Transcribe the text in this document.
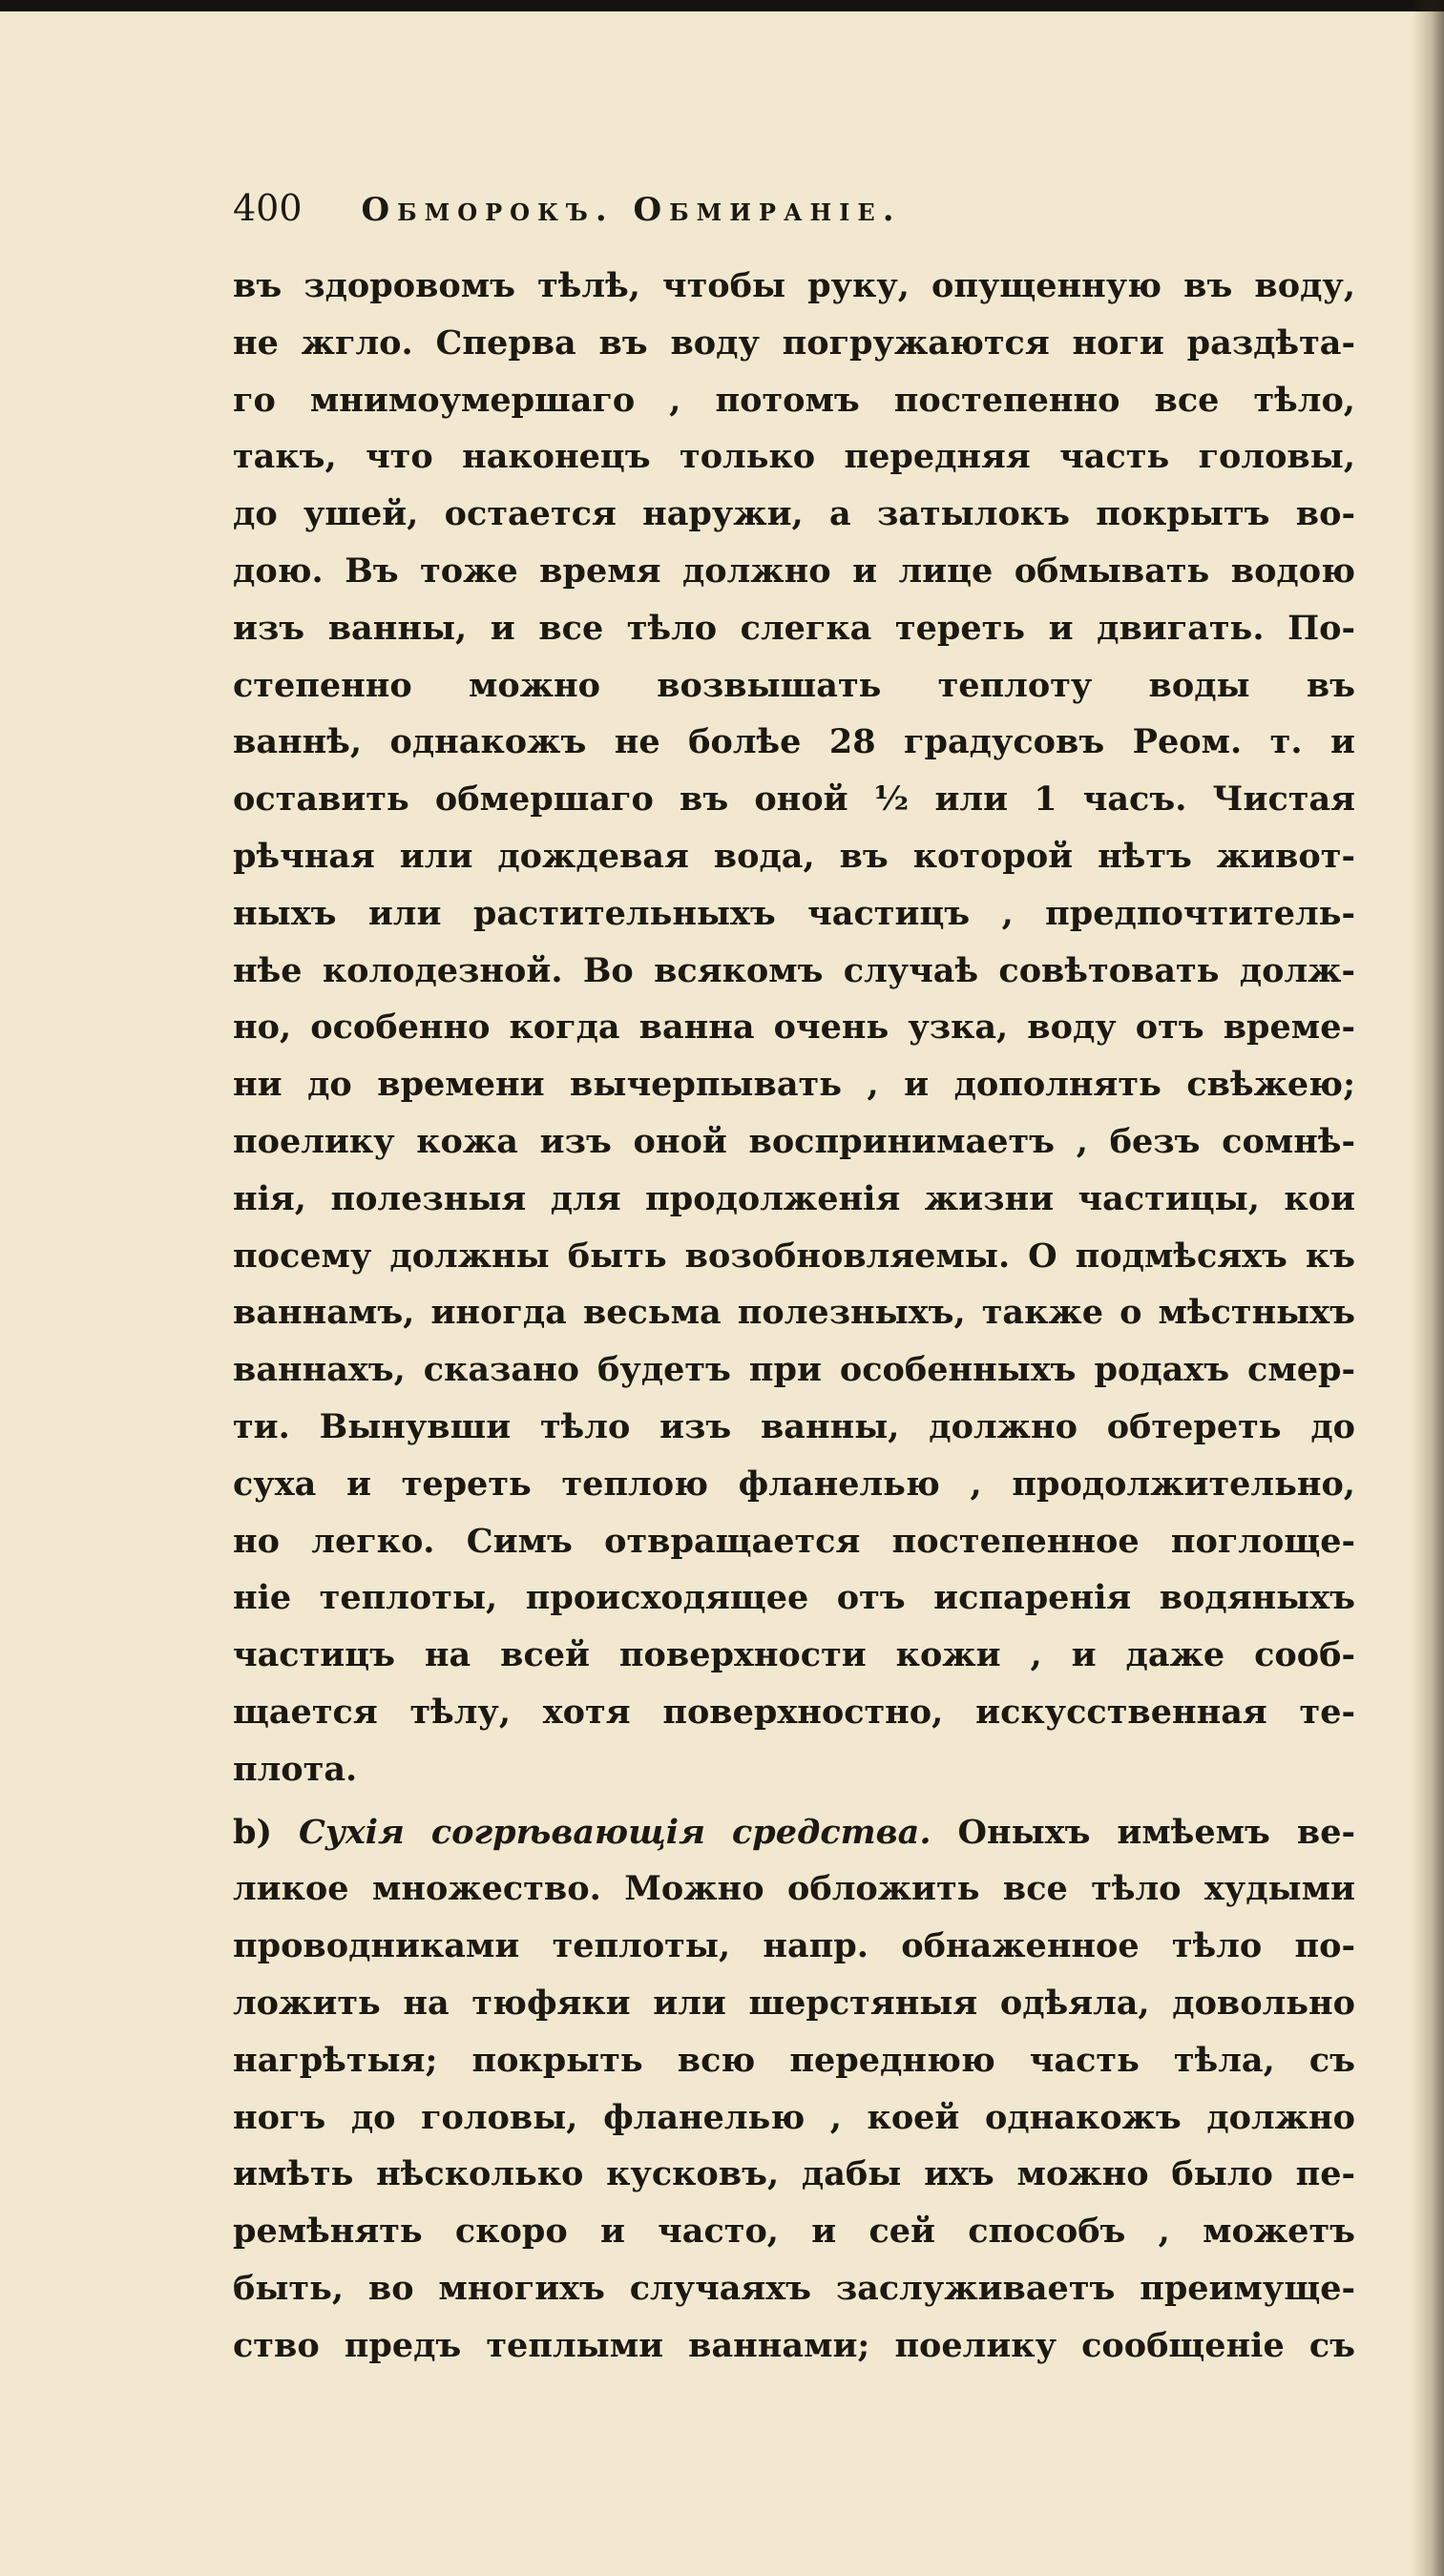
400 Обморокъ. Обмиранiе.
въ здоровомъ тѣлѣ, чтобы руку, опущенную въ воду,
не жгло. Сперва въ воду погружаются ноги раздѣта-
го мнимоумершаго , потомъ постепенно все тѣло,
такъ, что наконецъ только передняя часть головы,
до ушей, остается наружи, а затылокъ покрытъ во-
дою. Въ тоже время должно и лице обмывать водою
изъ ванны, и все тѣло слегка тереть и двигать. По-
степенно можно возвышать теплоту воды въ
ваннѣ, однакожъ не болѣе 28 градусовъ Реом. т. и
оставить обмершаго въ оной ½ или 1 часъ. Чистая
рѣчная или дождевая вода, въ которой нѣтъ живот-
ныхъ или растительныхъ частицъ , предпочтитель-
нѣе колодезной. Во всякомъ случаѣ совѣтовать долж-
но, особенно когда ванна очень узка, воду отъ време-
ни до времени вычерпывать , и дополнять свѣжею;
поелику кожа изъ оной воспринимаетъ , безъ сомнѣ-
нiя, полезныя для продолженiя жизни частицы, кои
посему должны быть возобновляемы. О подмѣсяхъ къ
ваннамъ, иногда весьма полезныхъ, также о мѣстныхъ
ваннахъ, сказано будетъ при особенныхъ родахъ смер-
ти. Вынувши тѣло изъ ванны, должно обтереть до
суха и тереть теплою фланелью , продолжительно,
но легко. Симъ отвращается постепенное поглоще-
нiе теплоты, происходящее отъ испаренiя водяныхъ
частицъ на всей поверхности кожи , и даже сооб-
щается тѣлу, хотя поверхностно, искусственная те-
плота.
b) Сухiя согрѣвающiя средства. Оныхъ имѣемъ ве-
ликое множество. Можно обложить все тѣло худыми
проводниками теплоты, напр. обнаженное тѣло по-
ложить на тюфяки или шерстяныя одѣяла, довольно
нагрѣтыя; покрыть всю переднюю часть тѣла, съ
ногъ до головы, фланелью , коей однакожъ должно
имѣть нѣсколько кусковъ, дабы ихъ можно было пе-
ремѣнять скоро и часто, и сей способъ , можетъ
быть, во многихъ случаяхъ заслуживаетъ преимуще-
ство предъ теплыми ваннами; поелику сообщенiе съ
